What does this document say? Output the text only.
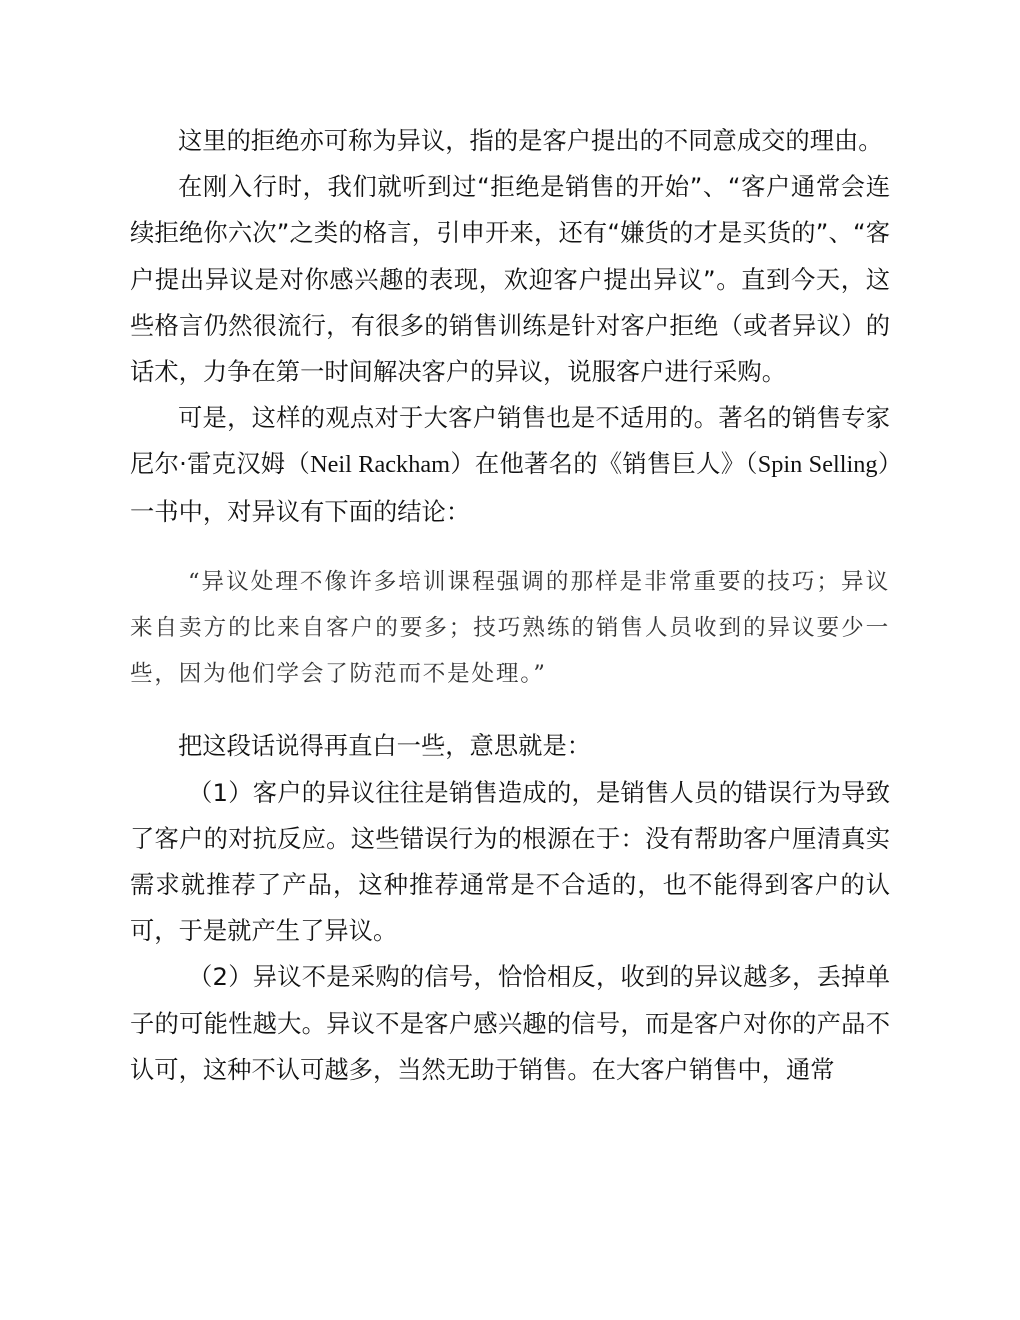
这里的拒绝亦可称为异议，指的是客户提出的不同意成交的理由。

在刚入行时，我们就听到过“拒绝是销售的开始”、“客户通常会连续拒绝你六次”之类的格言，引申开来，还有“嫌货的才是买货的”、“客户提出异议是对你感兴趣的表现，欢迎客户提出异议”。直到今天，这些格言仍然很流行，有很多的销售训练是针对客户拒绝（或者异议）的话术，力争在第一时间解决客户的异议，说服客户进行采购。

可是，这样的观点对于大客户销售也是不适用的。著名的销售专家尼尔·雷克汉姆（Neil Rackham）在他著名的《销售巨人》（Spin Selling）一书中，对异议有下面的结论：

“异议处理不像许多培训课程强调的那样是非常重要的技巧；异议来自卖方的比来自客户的要多；技巧熟练的销售人员收到的异议要少一些，因为他们学会了防范而不是处理。”

把这段话说得再直白一些，意思就是：

（1）客户的异议往往是销售造成的，是销售人员的错误行为导致了客户的对抗反应。这些错误行为的根源在于：没有帮助客户厘清真实需求就推荐了产品，这种推荐通常是不合适的，也不能得到客户的认可，于是就产生了异议。

（2）异议不是采购的信号，恰恰相反，收到的异议越多，丢掉单子的可能性越大。异议不是客户感兴趣的信号，而是客户对你的产品不认可，这种不认可越多，当然无助于销售。在大客户销售中，通常
